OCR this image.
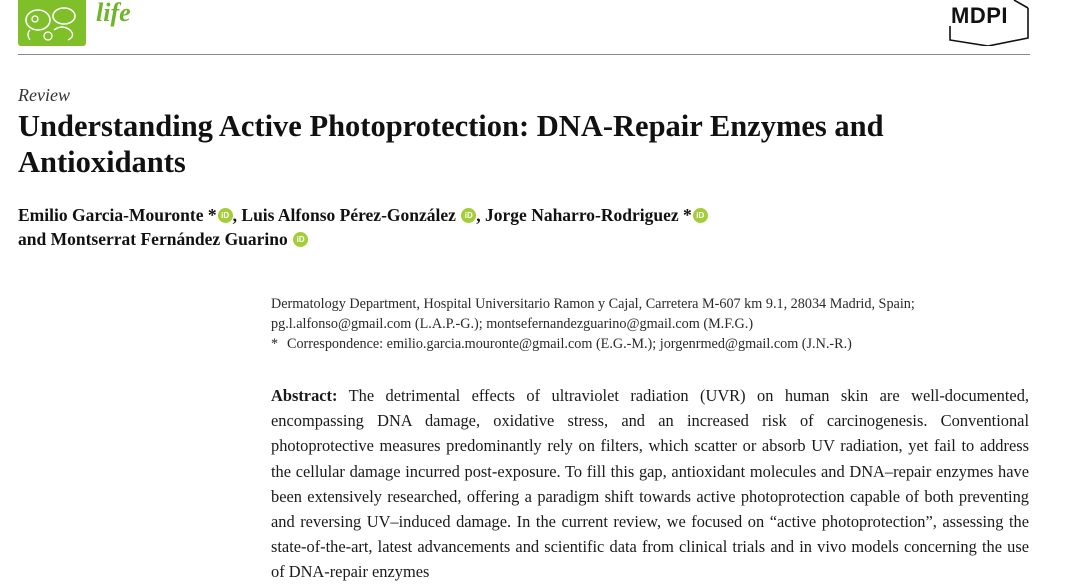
life	MDPI
Review
Understanding Active Photoprotection: DNA-Repair Enzymes and Antioxidants
Emilio Garcia-Mouronte * iD , Luis Alfonso Pérez-González iD , Jorge Naharro-Rodriguez * iD
and Montserrat Fernández Guarino iD
Dermatology Department, Hospital Universitario Ramon y Cajal, Carretera M-607 km 9.1, 28034 Madrid, Spain;
pg.l.alfonso@gmail.com (L.A.P.-G.); montsefernandezguarino@gmail.com (M.F.G.)
* Correspondence: emilio.garcia.mouronte@gmail.com (E.G.-M.); jorgenrmed@gmail.com (J.N.-R.)

Abstract: The detrimental effects of ultraviolet radiation (UVR) on human skin are well-documented, encompassing DNA damage, oxidative stress, and an increased risk of carcinogenesis. Conventional photoprotective measures predominantly rely on filters, which scatter or absorb UV radiation, yet fail to address the cellular damage incurred post-exposure. To fill this gap, antioxidant molecules and DNA–repair enzymes have been extensively researched, offering a paradigm shift towards active photoprotection capable of both preventing and reversing UV–induced damage. In the current review, we focused on “active photoprotection”, assessing the state-of-the-art, latest advancements and scientific data from clinical trials and in vivo models concerning the use of DNA-repair enzymes
